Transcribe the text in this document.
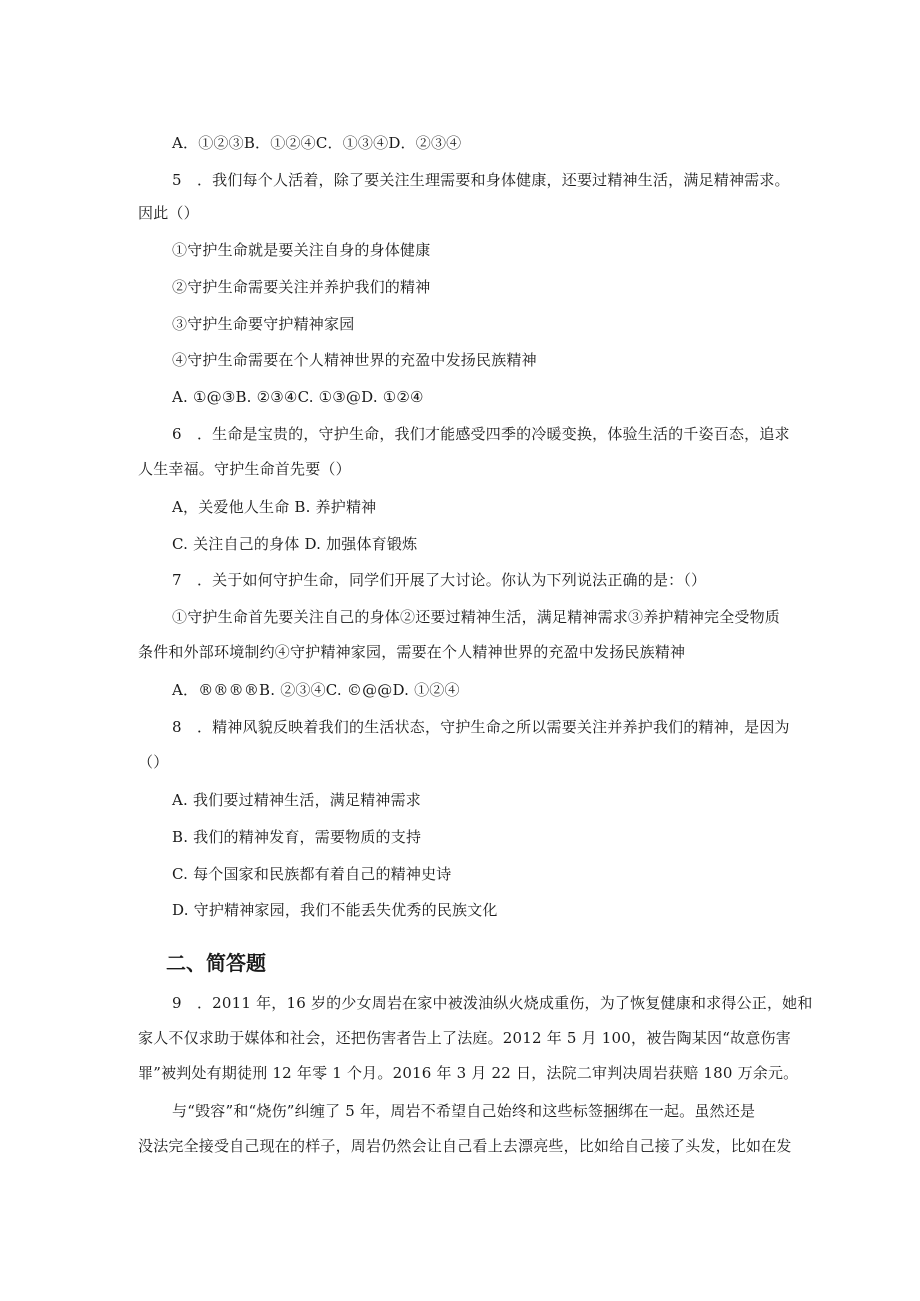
A．①②③B．①②④C．①③④D．②③④
5　．我们每个人活着，除了要关注生理需要和身体健康，还要过精神生活，满足精神需求。
因此（）
①守护生命就是要关注自身的身体健康
②守护生命需要关注并养护我们的精神
③守护生命要守护精神家园
④守护生命需要在个人精神世界的充盈中发扬民族精神
A. ①@③B. ②③④C. ①③@D. ①②④
6　．生命是宝贵的，守护生命，我们才能感受四季的冷暖变换，体验生活的千姿百态，追求
人生幸福。守护生命首先要（）
A，关爱他人生命 B. 养护精神
C. 关注自己的身体 D. 加强体育锻炼
7　．关于如何守护生命，同学们开展了大讨论。你认为下列说法正确的是：（）
①守护生命首先要关注自己的身体②还要过精神生活，满足精神需求③养护精神完全受物质
条件和外部环境制约④守护精神家园，需要在个人精神世界的充盈中发扬民族精神
A．®®®®B. ②③④C. ©@@D. ①②④
8　．精神风貌反映着我们的生活状态，守护生命之所以需要关注并养护我们的精神，是因为
（）
A. 我们要过精神生活，满足精神需求
B. 我们的精神发育，需要物质的支持
C. 每个国家和民族都有着自己的精神史诗
D. 守护精神家园，我们不能丢失优秀的民族文化
二、简答题
9　．2011 年，16 岁的少女周岩在家中被泼油纵火烧成重伤，为了恢复健康和求得公正，她和
家人不仅求助于媒体和社会，还把伤害者告上了法庭。2012 年 5 月 100，被告陶某因“故意伤害
罪”被判处有期徒刑 12 年零 1 个月。2016 年 3 月 22 日，法院二审判决周岩获赔 180 万余元。
与“毁容”和“烧伤”纠缠了 5 年，周岩不希望自己始终和这些标签捆绑在一起。虽然还是
没法完全接受自己现在的样子，周岩仍然会让自己看上去漂亮些，比如给自己接了头发，比如在发
